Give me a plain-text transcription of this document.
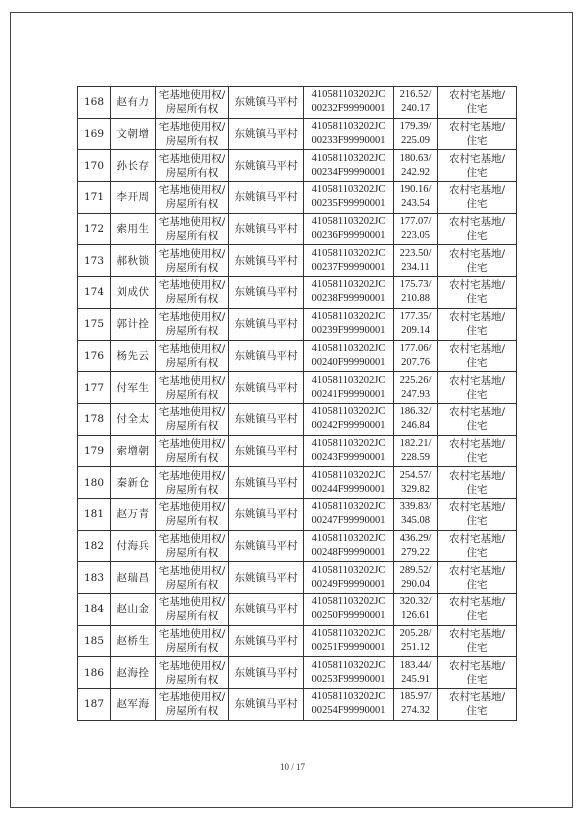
168	赵有力	宅基地使用权/
房屋所有权	东姚镇马平村	410581103202JC
00232F99990001	216.52/
240.17	农村宅基地/
住宅

169	文朝增	宅基地使用权/
房屋所有权	东姚镇马平村	410581103202JC
00233F99990001	179.39/
225.09	农村宅基地/
住宅

170	孙长存	宅基地使用权/
房屋所有权	东姚镇马平村	410581103202JC
00234F99990001	180.63/
242.92	农村宅基地/
住宅

171	李开周	宅基地使用权/
房屋所有权	东姚镇马平村	410581103202JC
00235F99990001	190.16/
243.54	农村宅基地/
住宅

172	索用生	宅基地使用权/
房屋所有权	东姚镇马平村	410581103202JC
00236F99990001	177.07/
223.05	农村宅基地/
住宅

173	郝秋锁	宅基地使用权/
房屋所有权	东姚镇马平村	410581103202JC
00237F99990001	223.50/
234.11	农村宅基地/
住宅

174	刘成伏	宅基地使用权/
房屋所有权	东姚镇马平村	410581103202JC
00238F99990001	175.73/
210.88	农村宅基地/
住宅

175	郭计拴	宅基地使用权/
房屋所有权	东姚镇马平村	410581103202JC
00239F99990001	177.35/
209.14	农村宅基地/
住宅

176	杨先云	宅基地使用权/
房屋所有权	东姚镇马平村	410581103202JC
00240F99990001	177.06/
207.76	农村宅基地/
住宅

177	付军生	宅基地使用权/
房屋所有权	东姚镇马平村	410581103202JC
00241F99990001	225.26/
247.93	农村宅基地/
住宅

178	付全太	宅基地使用权/
房屋所有权	东姚镇马平村	410581103202JC
00242F99990001	186.32/
246.84	农村宅基地/
住宅

179	索增朝	宅基地使用权/
房屋所有权	东姚镇马平村	410581103202JC
00243F99990001	182.21/
228.59	农村宅基地/
住宅

180	秦新仓	宅基地使用权/
房屋所有权	东姚镇马平村	410581103202JC
00244F99990001	254.57/
329.82	农村宅基地/
住宅

181	赵万青	宅基地使用权/
房屋所有权	东姚镇马平村	410581103202JC
00247F99990001	339.83/
345.08	农村宅基地/
住宅

182	付海兵	宅基地使用权/
房屋所有权	东姚镇马平村	410581103202JC
00248F99990001	436.29/
279.22	农村宅基地/
住宅

183	赵瑞昌	宅基地使用权/
房屋所有权	东姚镇马平村	410581103202JC
00249F99990001	289.52/
290.04	农村宅基地/
住宅

184	赵山金	宅基地使用权/
房屋所有权	东姚镇马平村	410581103202JC
00250F99990001	320.32/
126.61	农村宅基地/
住宅

185	赵桥生	宅基地使用权/
房屋所有权	东姚镇马平村	410581103202JC
00251F99990001	205.28/
251.12	农村宅基地/
住宅

186	赵海拴	宅基地使用权/
房屋所有权	东姚镇马平村	410581103202JC
00253F99990001	183.44/
245.91	农村宅基地/
住宅

187	赵军海	宅基地使用权/
房屋所有权	东姚镇马平村	410581103202JC
00254F99990001	185.97/
274.32	农村宅基地/
住宅
10 / 17
